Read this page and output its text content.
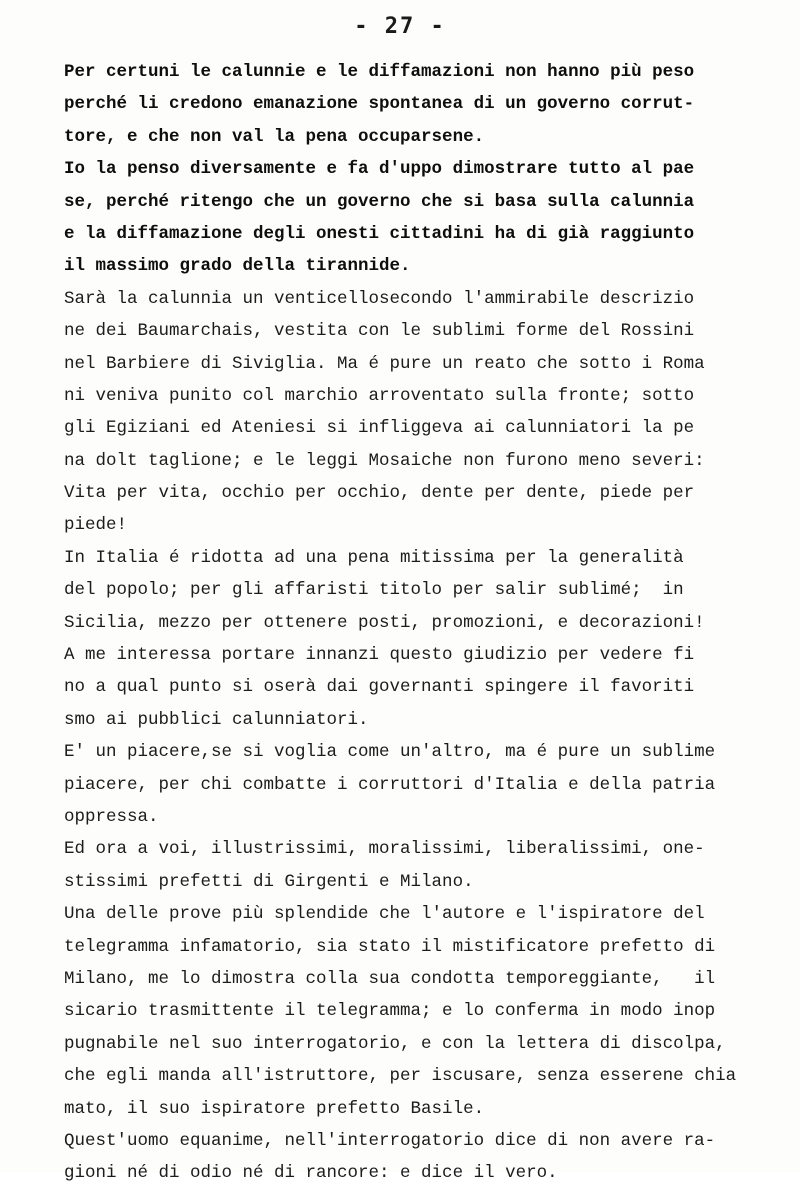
- 27 -
Per certuni le calunnie e le diffamazioni non hanno più peso
perché li credono emanazione spontanea di un governo corrut-
tore, e che non val la pena occuparsene.
Io la penso diversamente e fa d'uppo dimostrare tutto al pae
se, perché ritengo che un governo che si basa sulla calunnia
e la diffamazione degli onesti cittadini ha di già raggiunto
il massimo grado della tirannide.
Sarà la calunnia un venticellosecondo l'ammirabile descrizio
ne dei Baumarchais, vestita con le sublimi forme del Rossini
nel Barbiere di Siviglia. Ma é pure un reato che sotto i Roma
ni veniva punito col marchio arroventato sulla fronte; sotto
gli Egiziani ed Ateniesi si infliggeva ai calunniatori la pe
na dolt taglione; e le leggi Mosaiche non furono meno severi:
Vita per vita, occhio per occhio, dente per dente, piede per
piede!
In Italia é ridotta ad una pena mitissima per la generalità
del popolo; per gli affaristi titolo per salir sublimé;  in
Sicilia, mezzo per ottenere posti, promozioni, e decorazioni!
A me interessa portare innanzi questo giudizio per vedere fi
no a qual punto si oserà dai governanti spingere il favoriti
smo ai pubblici calunniatori.
E' un piacere,se si voglia come un'altro, ma é pure un sublime
piacere, per chi combatte i corruttori d'Italia e della patria
oppressa.
Ed ora a voi, illustrissimi, moralissimi, liberalissimi, one-
stissimi prefetti di Girgenti e Milano.
Una delle prove più splendide che l'autore e l'ispiratore del
telegramma infamatorio, sia stato il mistificatore prefetto di
Milano, me lo dimostra colla sua condotta temporeggiante,   il
sicario trasmittente il telegramma; e lo conferma in modo inop
pugnabile nel suo interrogatorio, e con la lettera di discolpa,
che egli manda all'istruttore, per iscusare, senza esserene chia
mato, il suo ispiratore prefetto Basile.
Quest'uomo equanime, nell'interrogatorio dice di non avere ra-
gioni né di odio né di rancore: e dice il vero.
